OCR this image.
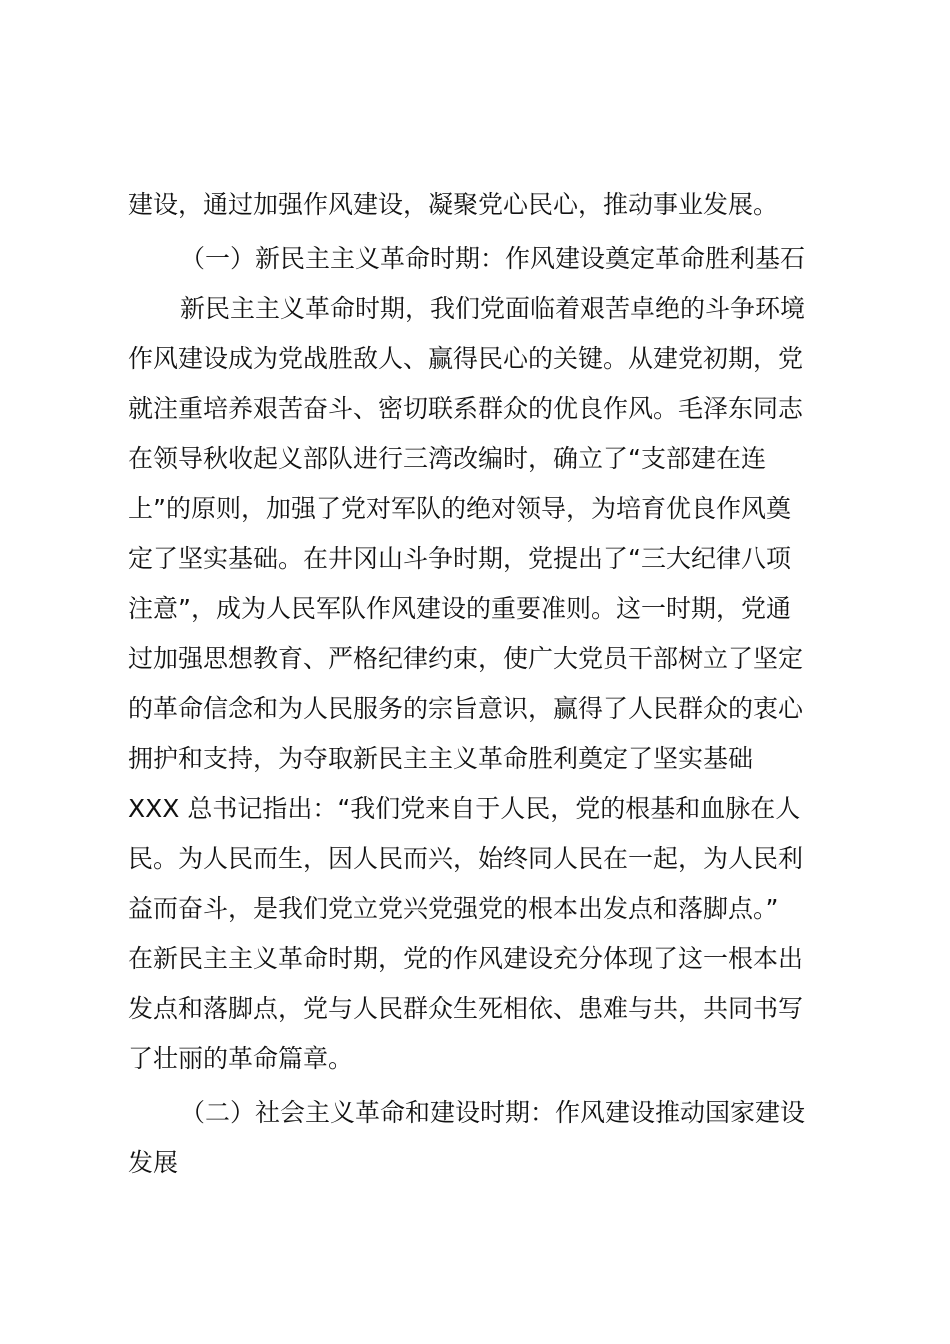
建设，通过加强作风建设，凝聚党心民心，推动事业发展。
（一）新民主主义革命时期：作风建设奠定革命胜利基石
新民主主义革命时期，我们党面临着艰苦卓绝的斗争环境
作风建设成为党战胜敌人、赢得民心的关键。从建党初期，党
就注重培养艰苦奋斗、密切联系群众的优良作风。毛泽东同志
在领导秋收起义部队进行三湾改编时，确立了“支部建在连
上”的原则，加强了党对军队的绝对领导，为培育优良作风奠
定了坚实基础。在井冈山斗争时期，党提出了“三大纪律八项
注意”，成为人民军队作风建设的重要准则。这一时期，党通
过加强思想教育、严格纪律约束，使广大党员干部树立了坚定
的革命信念和为人民服务的宗旨意识，赢得了人民群众的衷心
拥护和支持，为夺取新民主主义革命胜利奠定了坚实基础
XXX 总书记指出：“我们党来自于人民，党的根基和血脉在人
民。为人民而生，因人民而兴，始终同人民在一起，为人民利
益而奋斗，是我们党立党兴党强党的根本出发点和落脚点。”
在新民主主义革命时期，党的作风建设充分体现了这一根本出
发点和落脚点，党与人民群众生死相依、患难与共，共同书写
了壮丽的革命篇章。
（二）社会主义革命和建设时期：作风建设推动国家建设
发展
